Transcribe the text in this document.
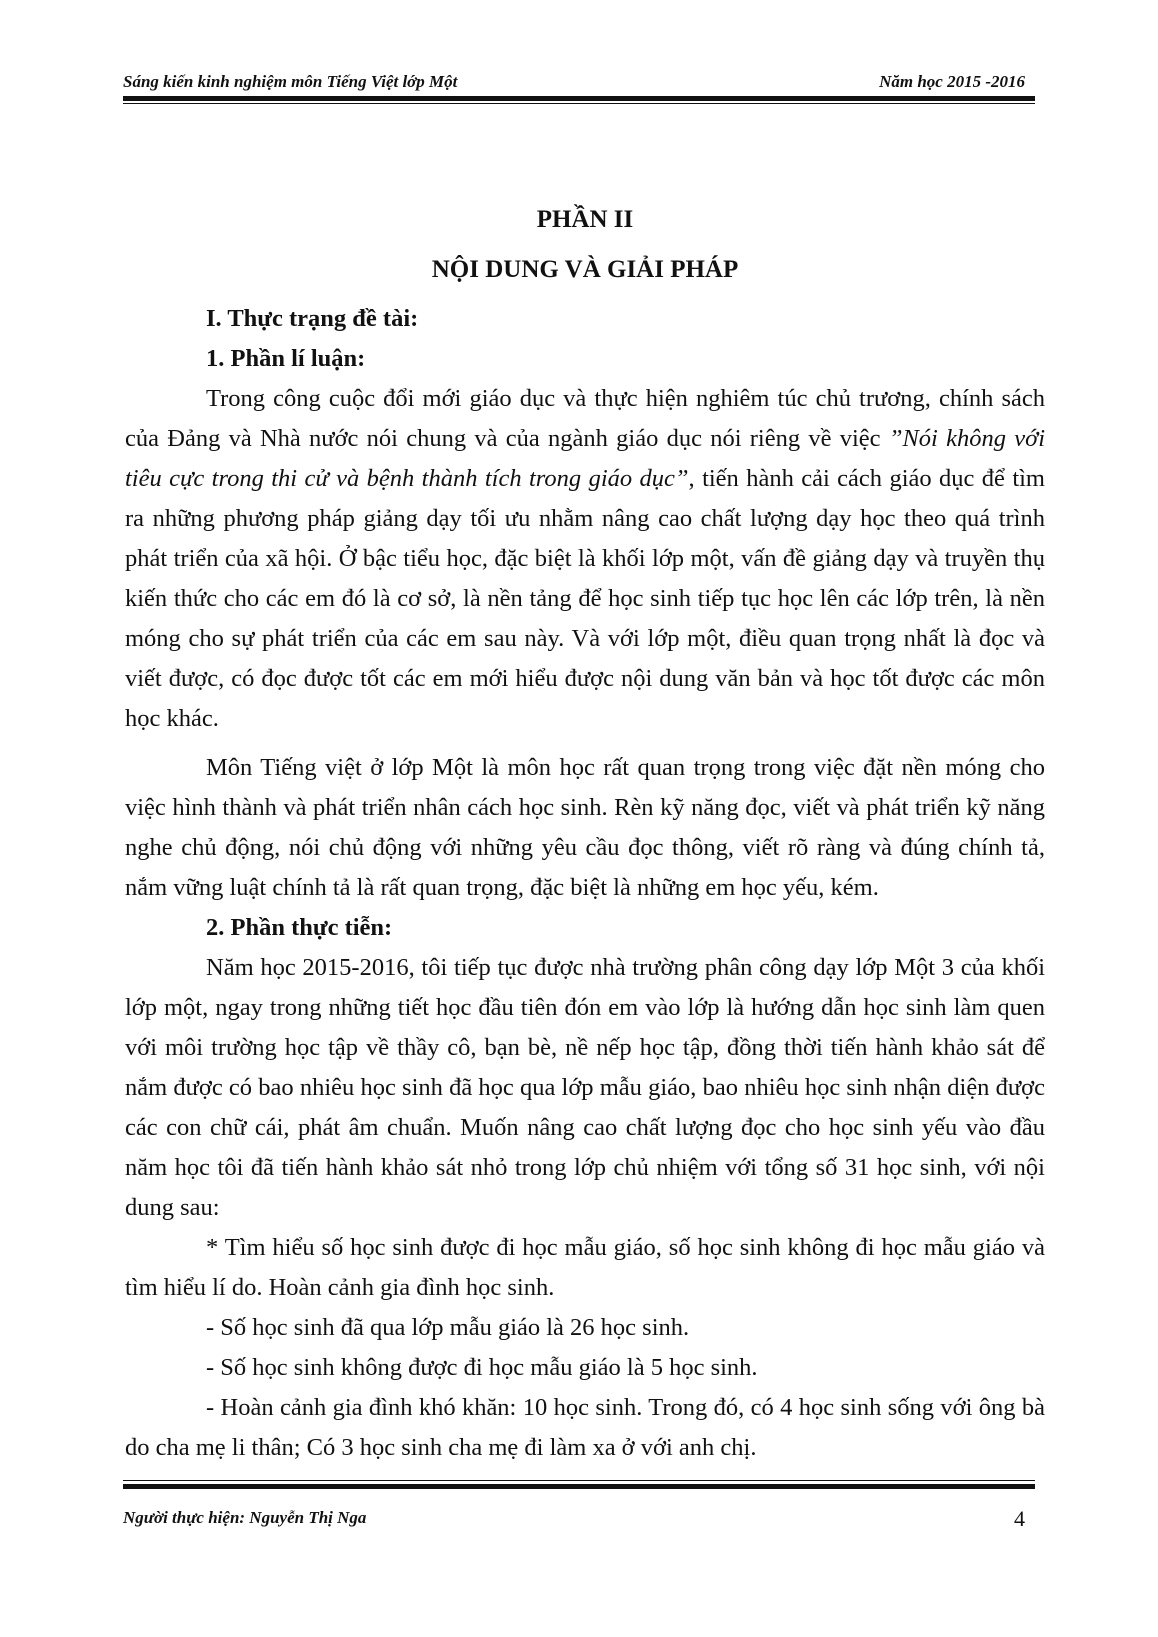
Sáng kiến kinh nghiệm môn Tiếng Việt lớp Một	Năm học 2015 -2016

PHẦN II

NỘI DUNG VÀ GIẢI PHÁP

I. Thực trạng đề tài:

1. Phần lí luận:

Trong công cuộc đổi mới giáo dục và thực hiện nghiêm túc chủ trương, chính sách của Đảng và Nhà nước nói chung và của ngành giáo dục nói riêng về việc ”Nói không với tiêu cực trong thi cử và bệnh thành tích trong giáo dục”, tiến hành cải cách giáo dục để tìm ra những phương pháp giảng dạy tối ưu nhằm nâng cao chất lượng dạy học theo quá trình phát triển của xã hội. Ở bậc tiểu học, đặc biệt là khối lớp một, vấn đề giảng dạy và truyền thụ kiến thức cho các em đó là cơ sở, là nền tảng để học sinh tiếp tục học lên các lớp trên, là nền móng cho sự phát triển của các em sau này. Và với lớp một, điều quan trọng nhất là đọc và viết được, có đọc được tốt các em mới hiểu được nội dung văn bản và học tốt được các môn học khác.

Môn Tiếng việt ở lớp Một là môn học rất quan trọng trong việc đặt nền móng cho việc hình thành và phát triển nhân cách học sinh. Rèn kỹ năng đọc, viết và phát triển kỹ năng nghe chủ động, nói chủ động với những yêu cầu đọc thông, viết rõ ràng và đúng chính tả, nắm vững luật chính tả là rất quan trọng, đặc biệt là những em học yếu, kém.

2. Phần thực tiễn:

Năm học 2015-2016, tôi tiếp tục được nhà trường phân công dạy lớp Một 3 của khối lớp một, ngay trong những tiết học đầu tiên đón em vào lớp là hướng dẫn học sinh làm quen với môi trường học tập về thầy cô, bạn bè, nề nếp học tập, đồng thời tiến hành khảo sát để nắm được có bao nhiêu học sinh đã học qua lớp mẫu giáo, bao nhiêu học sinh nhận diện được các con chữ cái, phát âm chuẩn. Muốn nâng cao chất lượng đọc cho học sinh yếu vào đầu năm học tôi đã tiến hành khảo sát nhỏ trong lớp chủ nhiệm với tổng số 31 học sinh, với nội dung sau:

* Tìm hiểu số học sinh được đi học mẫu giáo, số học sinh không đi học mẫu giáo và tìm hiểu lí do. Hoàn cảnh gia đình học sinh.

- Số học sinh đã qua lớp mẫu giáo là 26 học sinh.

- Số học sinh không được đi học mẫu giáo là 5 học sinh.

- Hoàn cảnh gia đình khó khăn: 10 học sinh. Trong đó, có 4 học sinh sống với ông bà do cha mẹ li thân; Có 3 học sinh cha mẹ đi làm xa ở với anh chị.

Người thực hiện: Nguyễn Thị Nga	4
